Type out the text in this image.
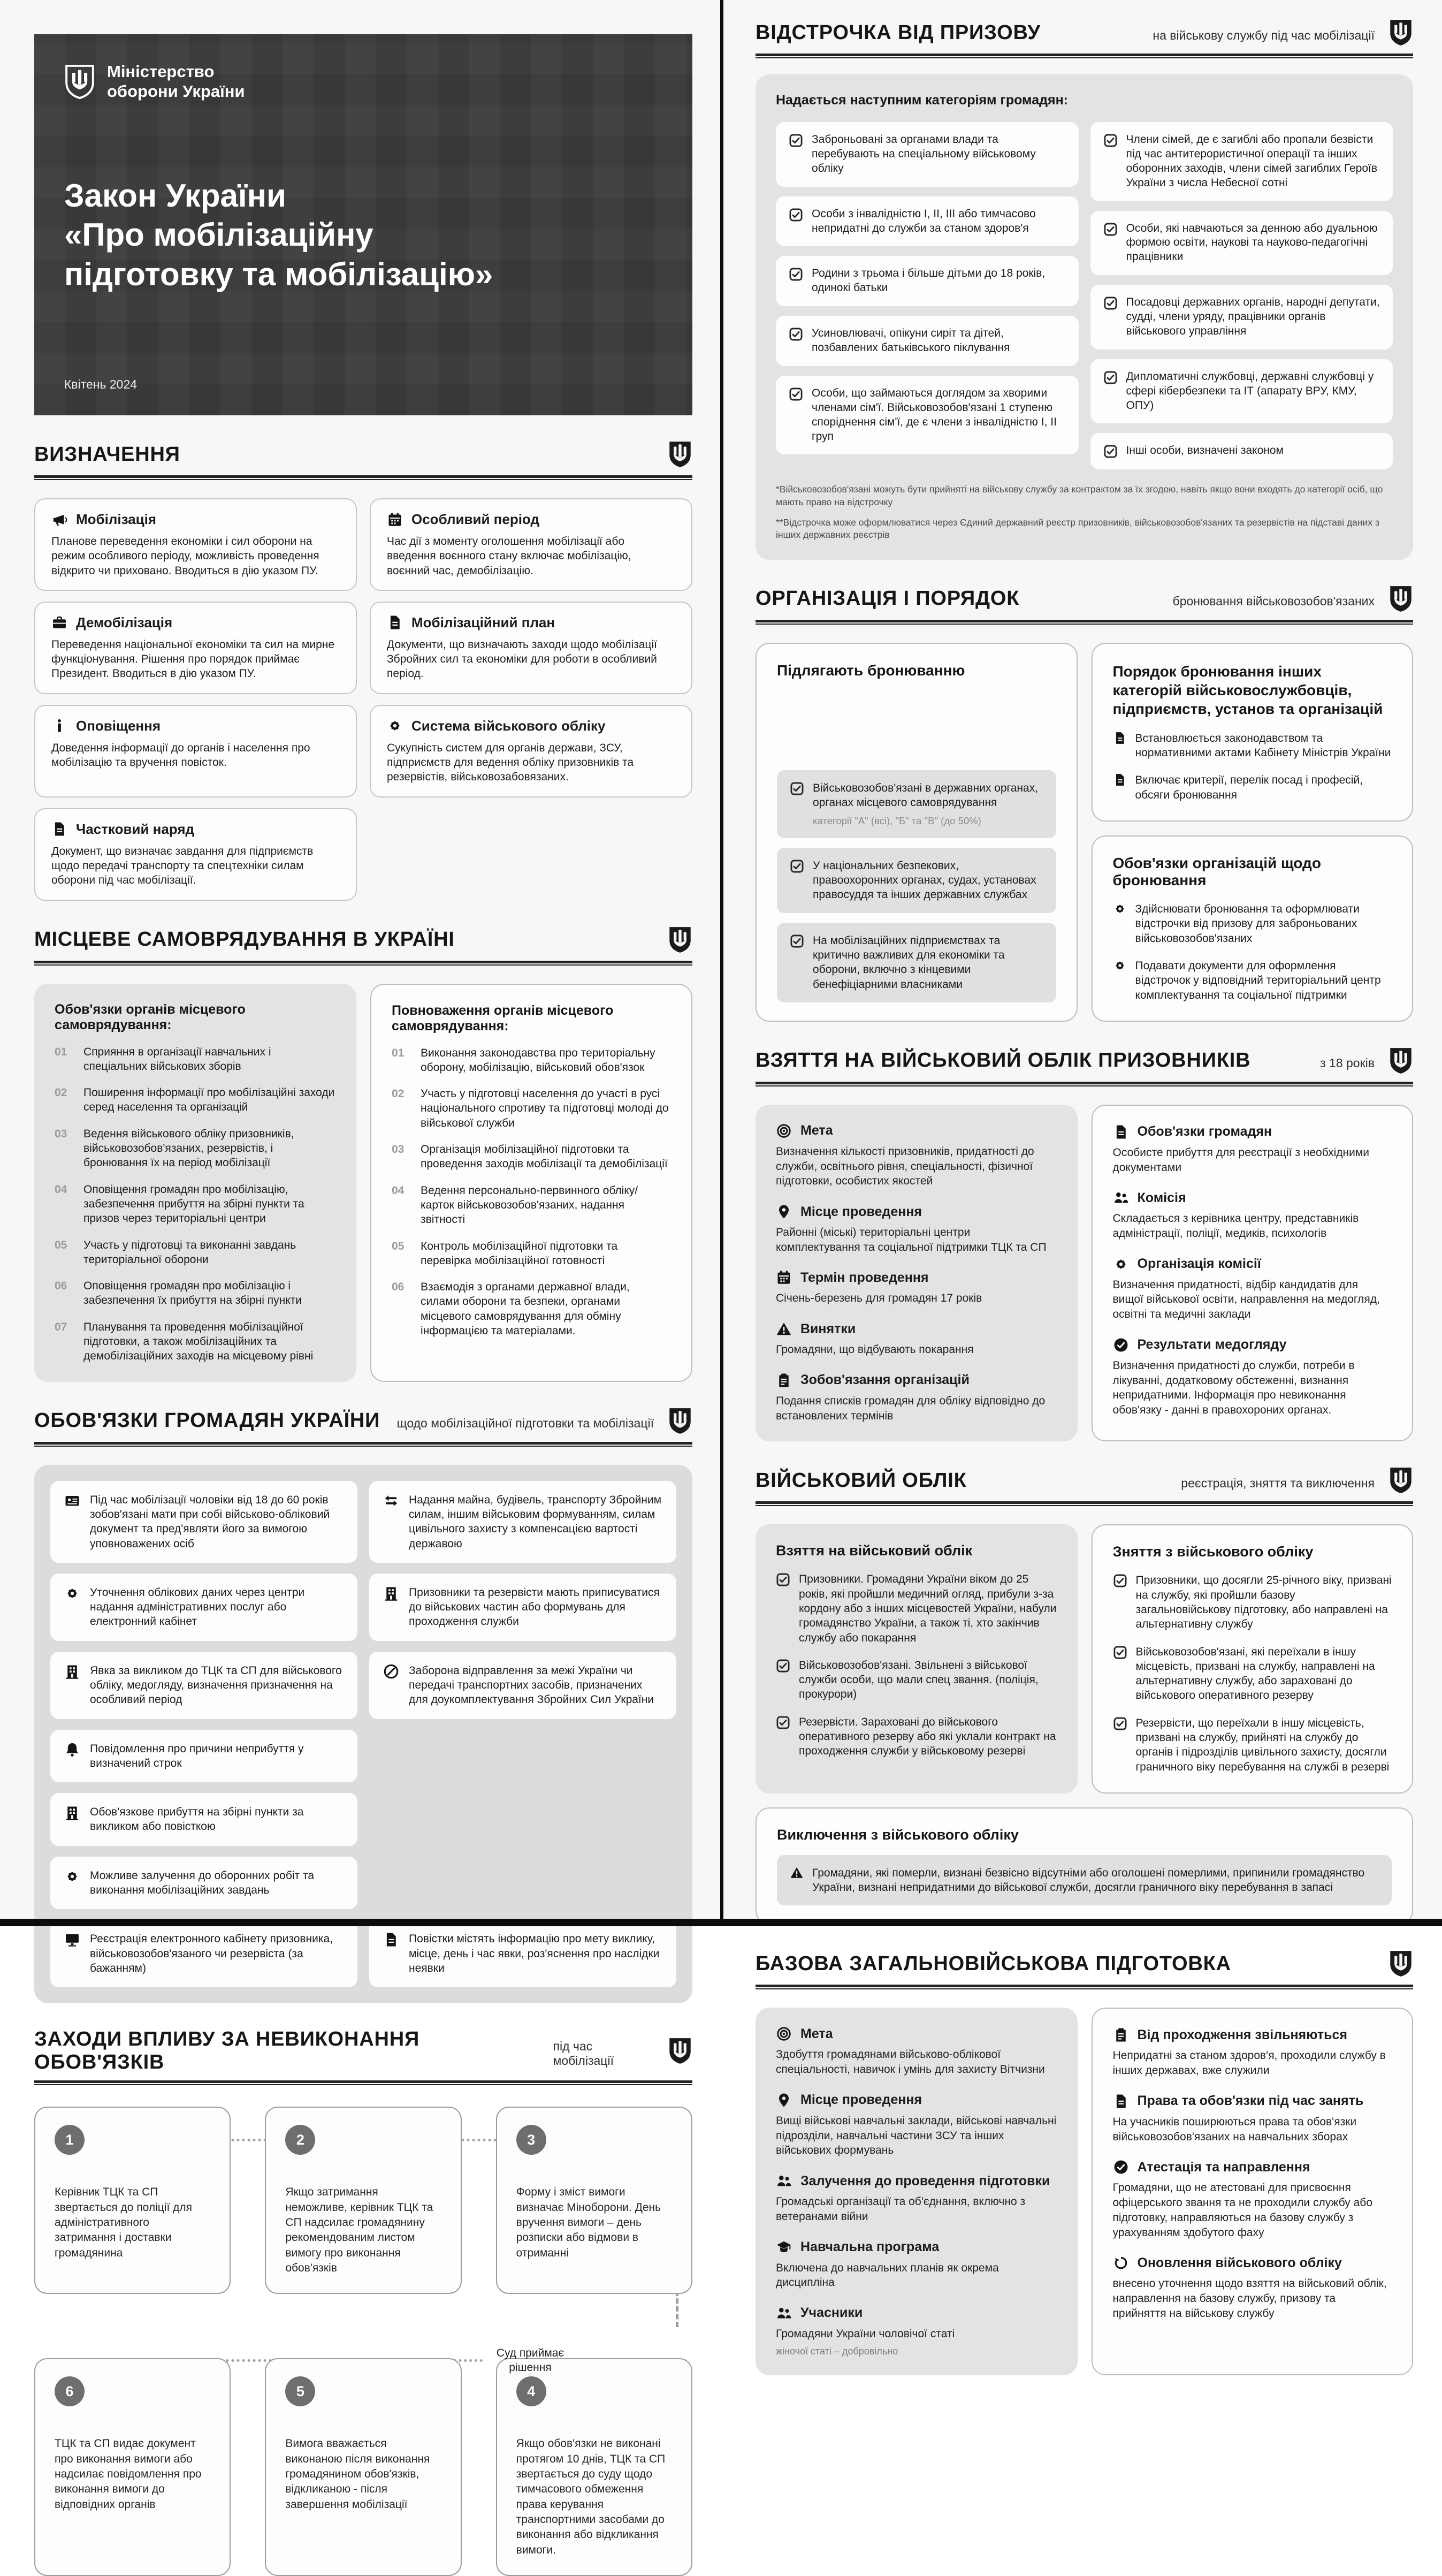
Міністерство
оборони України
Закон України
«Про мобілізаційну
підготовку та мобілізацію»
Квітень 2024
ВИЗНАЧЕННЯ
Мобілізація
Планове переведення економіки і сил оборони на режим особливого періоду, можливість проведення відкрито чи приховано. Вводиться в дію указом ПУ.
Особливий період
Час дії з моменту оголошення мобілізації або введення воєнного стану включає мобілізацію, воєнний час, демобілізацію.
Демобілізація
Переведення національної економіки та сил на мирне функціонування. Рішення про порядок приймає Президент. Вводиться в дію указом ПУ.
Мобілізаційний план
Документи, що визначають заходи щодо мобілізації Збройних сил та економіки для роботи в особливий період.
Оповіщення
Доведення інформації до органів і населення про мобілізацію та вручення повісток.
Система військового обліку
Сукупність систем для органів держави, ЗСУ, підприємств для ведення обліку призовників та резервістів, військовозабовязаних.
Частковий наряд
Документ, що визначає завдання для підприємств щодо передачі транспорту та спецтехніки силам оборони під час мобілізації.
МІСЦЕВЕ САМОВРЯДУВАННЯ В УКРАЇНІ
Обов'язки органів місцевого самоврядування:
01	Сприяння в організації навчальних і спеціальних військових зборів
02	Поширення інформації про мобілізаційні заходи серед населення та організацій
03	Ведення військового обліку призовників, військовозобов'язаних, резервістів, і бронювання їх на період мобілізації
04	Оповіщення громадян про мобілізацію, забезпечення прибуття на збірні пункти та призов через територіальні центри
05	Участь у підготовці та виконанні завдань територіальної оборони
06	Оповіщення громадян про мобілізацію і забезпечення їх прибуття на збірні пункти
07	Планування та проведення мобілізаційної підготовки, а також мобілізаційних та демобілізаційних заходів на місцевому рівні
Повноваження органів місцевого самоврядування:
01	Виконання законодавства про територіальну оборону, мобілізацію, військовий обов'язок
02	Участь у підготовці населення до участі в русі національного спротиву та підготовці молоді до військової служби
03	Організація мобілізаційної підготовки та проведення заходів мобілізації та демобілізації
04	Ведення персонально-первинного обліку/карток військовозобов'язаних, надання звітності
05	Контроль мобілізаційної підготовки та перевірка мобілізаційної готовності
06	Взаємодія з органами державної влади, силами оборони та безпеки, органами місцевого самоврядування для обміну інформацією та матеріалами.
ОБОВ'ЯЗКИ ГРОМАДЯН УКРАЇНИ	щодо мобілізаційної підготовки та мобілізації
Під час мобілізації чоловіки від 18 до 60 років зобов'язані мати при собі військово-обліковий документ та пред'являти його за вимогою уповноважених осіб
Уточнення облікових даних через центри надання адміністративних послуг або електронний кабінет
Явка за викликом до ТЦК та СП для військового обліку, медогляду, визначення призначення на особливий період
Повідомлення про причини неприбуття у визначений строк
Обов'язкове прибуття на збірні пункти за викликом або повісткою
Можливе залучення до оборонних робіт та виконання мобілізаційних завдань
Реєстрація електронного кабінету призовника, військовозобов'язаного чи резервіста (за бажанням)
Надання майна, будівель, транспорту Збройним силам, іншим військовим формуванням, силам цивільного захисту з компенсацією вартості державою
Призовники та резервісти мають приписуватися до військових частин або формувань для проходження служби
Заборона відправлення за межі України чи передачі транспортних засобів, призначених для доукомплектування Збройних Сил України
Повістки містять інформацію про мету виклику, місце, день і час явки, роз'яснення про наслідки неявки
ЗАХОДИ ВПЛИВУ ЗА НЕВИКОНАННЯ ОБОВ'ЯЗКІВ
під час мобілізації
Суд приймає рішення
1
Керівник ТЦК та СП звертається до поліції для адміністративного затримання і доставки громадянина
2
Якщо затримання неможливе, керівник ТЦК та СП надсилає громадянину рекомендованим листом вимогу про виконання обов'язків
3
Форму і зміст вимоги визначає Міноборони. День вручення вимоги – день розписки або відмови в отриманні
6
ТЦК та СП видає документ про виконання вимоги або надсилає повідомлення про виконання вимоги до відповідних органів
5
Вимога вважається виконаною після виконання громадянином обов'язків, відкликаною - після завершення мобілізації
4
Якщо обов'язки не виконані протягом 10 днів, ТЦК та СП звертається до суду щодо тимчасового обмеження права керування транспортними засобами до виконання або відкликання вимоги.
ВІДСТРОЧКА ВІД ПРИЗОВУ	на військову службу під час мобілізації
Надається наступним категоріям громадян:
Заброньовані за органами влади та перебувають на спеціальному військовому обліку
Особи з інвалідністю I, II, III або тимчасово непридатні до служби за станом здоров'я
Родини з трьома і більше дітьми до 18 років, одинокі батьки
Усиновлювачі, опікуни сиріт та дітей, позбавлених батьківського піклування
Особи, що займаються доглядом за хворими членами сім'ї. Військовозобов'язані 1 ступеню споріднення сім'ї, де є члени з інвалідністю I, II груп
Члени сімей, де є загиблі або пропали безвісти під час антитерористичної операції та інших оборонних заходів, члени сімей загиблих Героїв України з числа Небесної сотні
Особи, які навчаються за денною або дуальною формою освіти, наукові та науково-педагогічні працівники
Посадовці державних органів, народні депутати, судді, члени уряду, працівники органів військового управління
Дипломатичні службовці, державні службовці у сфері кібербезпеки та ІТ (апарату ВРУ, КМУ, ОПУ)
Інші особи, визначені законом
*Військовозобов'язані можуть бути прийняті на військову службу за контрактом за їх згодою, навіть якщо вони входять до категорії осіб, що мають право на відстрочку
**Відстрочка може оформлюватися через Єдиний державний реєстр призовників, військовозобов'язаних та резервістів на підставі даних з інших державних реєстрів
ОРГАНІЗАЦІЯ І ПОРЯДОК	бронювання військовозобов'язаних
Підлягають бронюванню
Військовозобов'язані в державних органах, органах місцевого самоврядування
категорії "А" (всі), "Б" та "В" (до 50%)
У національних безпекових, правоохоронних органах, судах, установах правосуддя та інших державних службах
На мобілізаційних підприємствах та критично важливих для економіки та оборони, включно з кінцевими бенефіціарними власниками
Порядок бронювання інших категорій військовослужбовців, підприємств, установ та організацій
Встановлюється законодавством та нормативними актами Кабінету Міністрів України
Включає критерії, перелік посад і професій, обсяги бронювання
Обов'язки організацій щодо бронювання
Здійснювати бронювання та оформлювати відстрочки від призову для заброньованих військовозобов'язаних
Подавати документи для оформлення відстрочок у відповідний територіальний центр комплектування та соціальної підтримки
ВЗЯТТЯ НА ВІЙСЬКОВИЙ ОБЛІК ПРИЗОВНИКІВ	з 18 років
Мета
Визначення кількості призовників, придатності до служби, освітнього рівня, спеціальності, фізичної підготовки, особистих якостей
Місце проведення
Районні (міські) територіальні центри комплектування та соціальної підтримки ТЦК та СП
Термін проведення
Січень-березень для громадян 17 років
Винятки
Громадяни, що відбувають покарання
Зобов'язання організацій
Подання списків громадян для обліку відповідно до встановлених термінів
Обов'язки громадян
Особисте прибуття для реєстрації з необхідними документами
Комісія
Складається з керівника центру, представників адміністрації, поліції, медиків, психологів
Організація комісії
Визначення придатності, відбір кандидатів для вищої військової освіти, направлення на медогляд, освітні та медичні заклади
Результати медогляду
Визначення придатності до служби, потреби в лікуванні, додатковому обстеженні, визнання непридатними. Інформація про невиконання обов'язку - данні в правохороних органах.
ВІЙСЬКОВИЙ ОБЛІК	реєстрація, зняття та виключення
Взяття на військовий облік
Призовники. Громадяни України віком до 25 років, які пройшли медичний огляд, прибули з-за кордону або з інших місцевостей України, набули громадянство України, а також ті, хто закінчив службу або покарання
Військовозобов'язані. Звільнені з військової служби особи, що мали спец звання. (поліція, прокурори)
Резервісти. Зараховані до військового оперативного резерву або які уклали контракт на проходження служби у військовому резерві
Зняття з військового обліку
Призовники, що досягли 25-річного віку, призвані на службу, які пройшли базову загальновійськову підготовку, або направлені на альтернативну службу
Військовозобов'язані, які переїхали в іншу місцевість, призвані на службу, направлені на альтернативну службу, або зараховані до військового оперативного резерву
Резервісти, що переїхали в іншу місцевість, призвані на службу, прийняті на службу до органів і підрозділів цивільного захисту, досягли граничного віку перебування на службі в резерві
Виключення з військового обліку
Громадяни, які померли, визнані безвісно відсутніми або оголошені померлими, припинили громадянство України, визнані непридатними до військової служби, досягли граничного віку перебування в запасі
БАЗОВА ЗАГАЛЬНОВІЙСЬКОВА ПІДГОТОВКА
Мета
Здобуття громадянами військово-облікової спеціальності, навичок і умінь для захисту Вітчизни
Місце проведення
Вищі військові навчальні заклади, військові навчальні підрозділи, навчальні частини ЗСУ та інших військових формувань
Залучення до проведення підготовки
Громадські організації та об'єднання, включно з ветеранами війни
Навчальна програма
Включена до навчальних планів як окрема дисципліна
Учасники
Громадяни України чоловічої статі
жіночої статі – добровільно
Від проходження звільняються
Непридатні за станом здоров'я, проходили службу в інших державах, вже служили
Права та обов'язки під час занять
На учасників поширюються права та обов'язки військовозобов'язаних на навчальних зборах
Атестація та направлення
Громадяни, що не атестовані для присвоєння офіцерського звання та не проходили службу або підготовку, направляються на базову службу з урахуванням здобутого фаху
Оновлення військового обліку
внесено уточнення щодо взяття на військовий облік, направлення на базову службу, призову та прийняття на військову службу
